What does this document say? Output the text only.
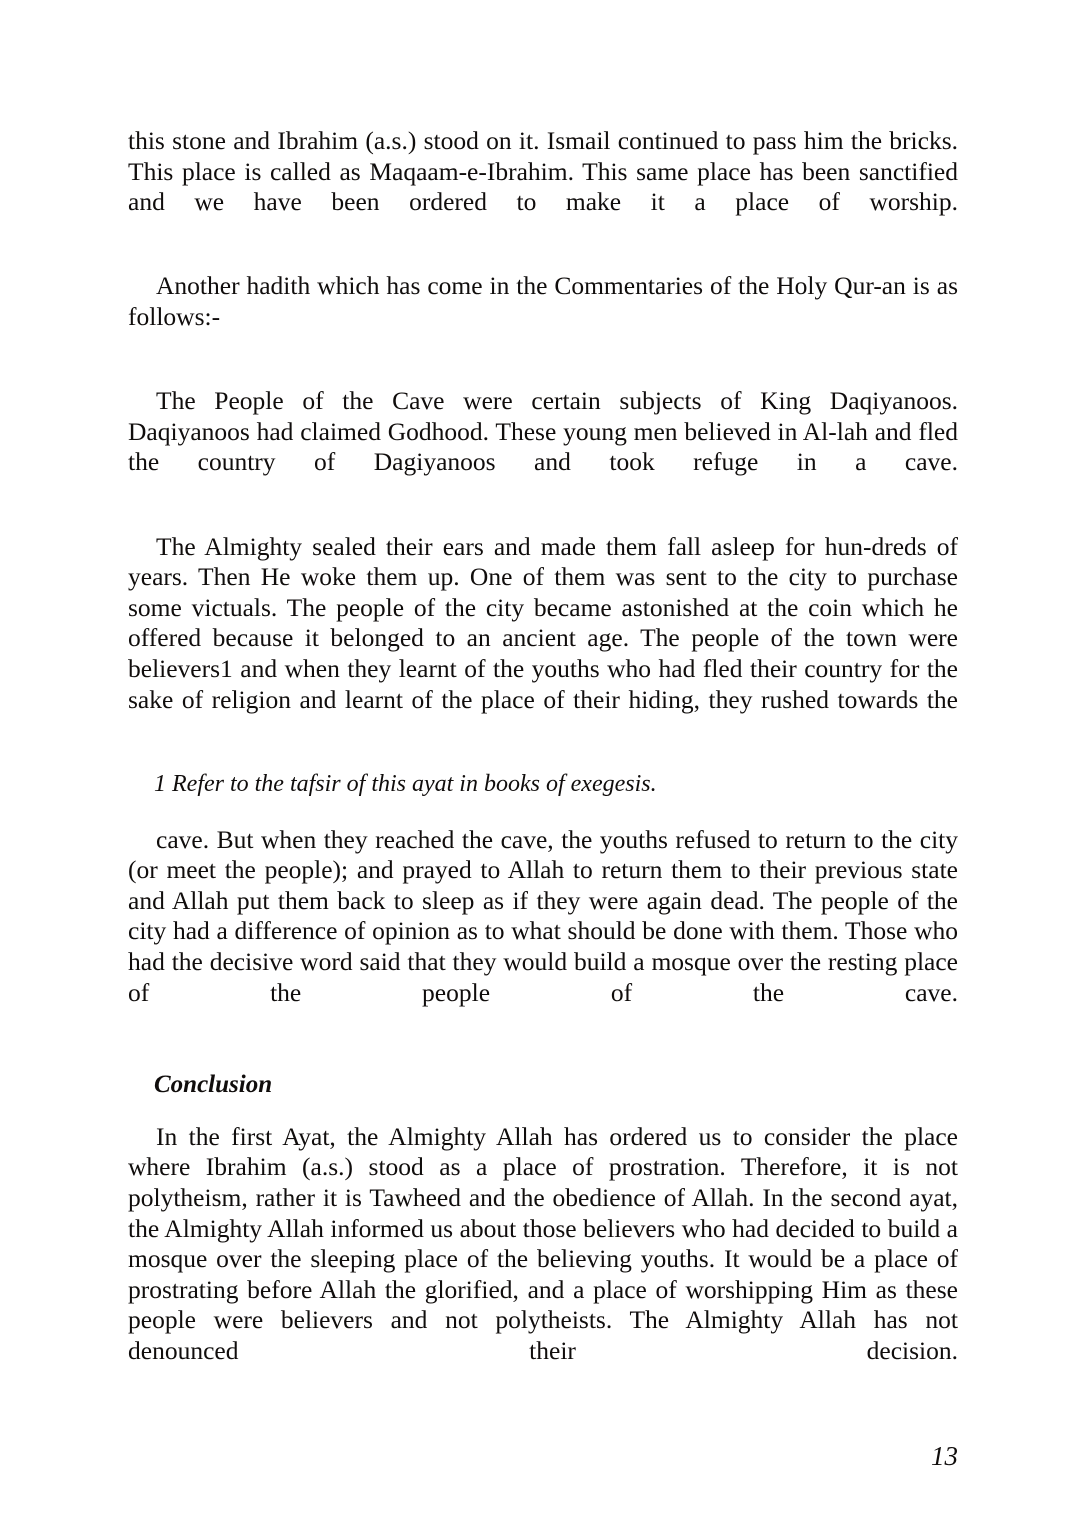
this stone and Ibrahim (a.s.) stood on it. Ismail continued to pass him the bricks. This place is called as Maqaam-e-Ibrahim. This same place has been sanctified and we have been ordered to make it a place of worship.

Another hadith which has come in the Commentaries of the Holy Qur-an is as follows:-

The People of the Cave were certain subjects of King Daqiyanoos. Daqiyanoos had claimed Godhood. These young men believed in Al-lah and fled the country of Dagiyanoos and took refuge in a cave.

The Almighty sealed their ears and made them fall asleep for hun-dreds of years. Then He woke them up. One of them was sent to the city to purchase some victuals. The people of the city became astonished at the coin which he offered because it belonged to an ancient age. The people of the town were believers1 and when they learnt of the youths who had fled their country for the sake of religion and learnt of the place of their hiding, they rushed towards the

1 Refer to the tafsir of this ayat in books of exegesis.

cave. But when they reached the cave, the youths refused to return to the city (or meet the people); and prayed to Allah to return them to their previous state and Allah put them back to sleep as if they were again dead. The people of the city had a difference of opinion as to what should be done with them. Those who had the decisive word said that they would build a mosque over the resting place of the people of the cave.

Conclusion

In the first Ayat, the Almighty Allah has ordered us to consider the place where Ibrahim (a.s.) stood as a place of prostration. Therefore, it is not polytheism, rather it is Tawheed and the obedience of Allah. In the second ayat, the Almighty Allah informed us about those believers who had decided to build a mosque over the sleeping place of the believing youths. It would be a place of prostrating before Allah the glorified, and a place of worshipping Him as these people were believers and not polytheists. The Almighty Allah has not denounced their decision.

13
